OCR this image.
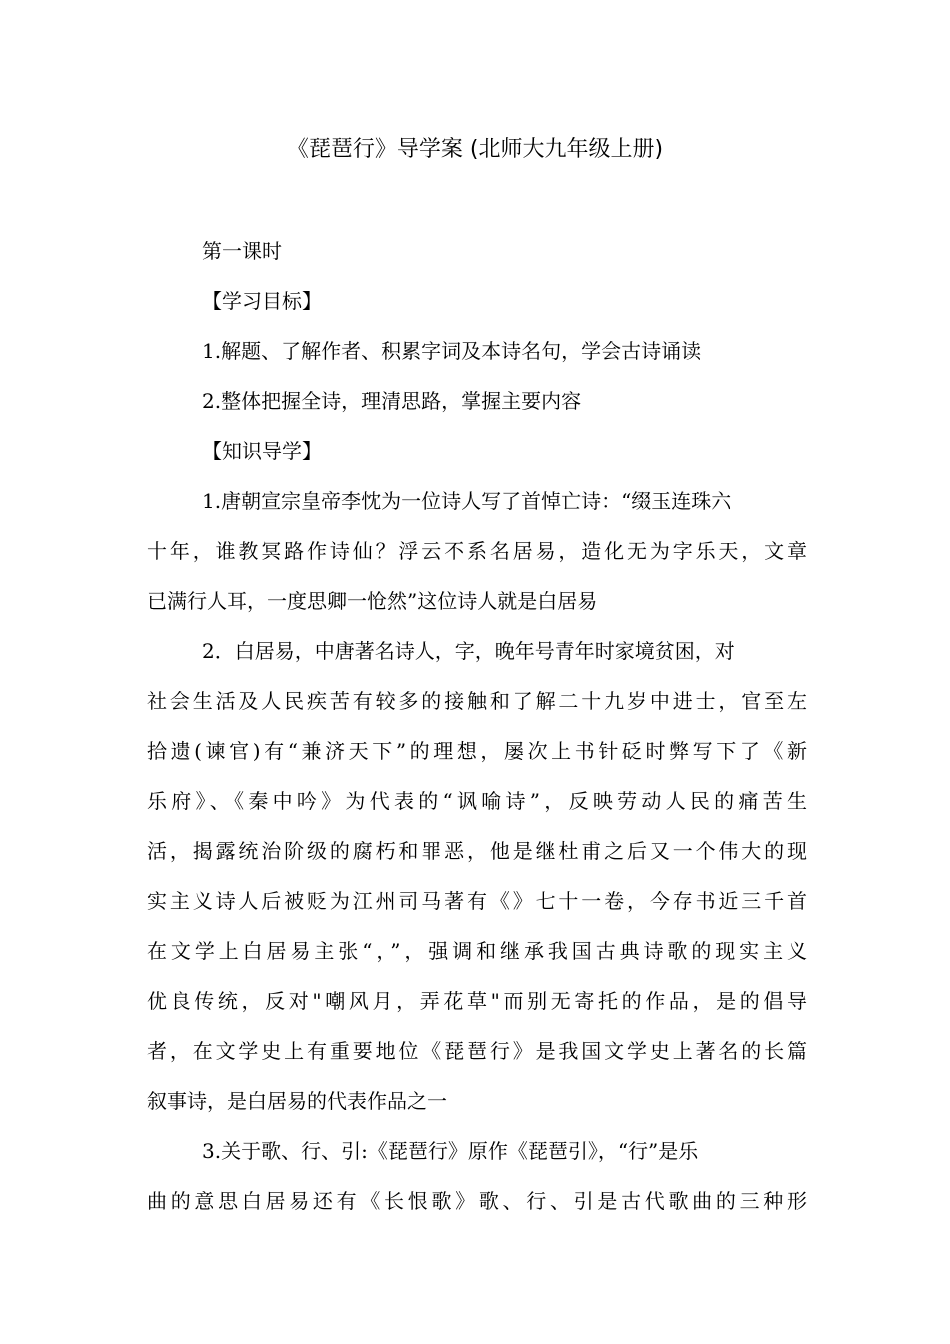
《琵琶行》导学案 (北师大九年级上册)
第一课时
【学习目标】
1.解题、了解作者、积累字词及本诗名句，学会古诗诵读
2.整体把握全诗，理清思路，掌握主要内容
【知识导学】
1.唐朝宣宗皇帝李忱为一位诗人写了首悼亡诗：“缀玉连珠六
十年，谁教冥路作诗仙？浮云不系名居易，造化无为字乐天，文章
已满行人耳，一度思卿一怆然”这位诗人就是白居易
2．白居易，中唐著名诗人，字，晚年号青年时家境贫困，对
社会生活及人民疾苦有较多的接触和了解二十九岁中进士，官至左
拾遗(谏官)有“兼济天下”的理想，屡次上书针砭时弊写下了《新
乐府》、《秦中吟》为代表的“讽喻诗”，反映劳动人民的痛苦生
活，揭露统治阶级的腐朽和罪恶，他是继杜甫之后又一个伟大的现
实主义诗人后被贬为江州司马著有《》七十一卷，今存书近三千首
在文学上白居易主张“，”，强调和继承我国古典诗歌的现实主义
优良传统，反对"嘲风月，弄花草"而别无寄托的作品，是的倡导
者，在文学史上有重要地位《琵琶行》是我国文学史上著名的长篇
叙事诗，是白居易的代表作品之一
3.关于歌、行、引:《琵琶行》原作《琵琶引》，“行”是乐
曲的意思白居易还有《长恨歌》歌、行、引是古代歌曲的三种形
